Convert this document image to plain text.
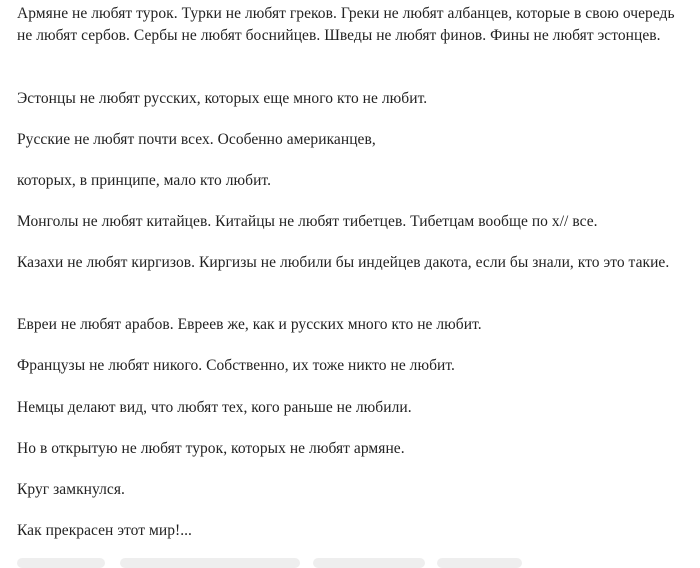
Армяне не любят турок. Турки не любят греков. Греки не любят албанцев, которые в свою очередь не любят сербов. Сербы не любят боснийцев. Шведы не любят финов. Фины не любят эстонцев.

Эстонцы не любят русских, которых еще много кто не любит.

Русские не любят почти всех. Особенно американцев,

которых, в принципе, мало кто любит.

Монголы не любят китайцев. Китайцы не любят тибетцев. Тибетцам вообще по х// все.

Казахи не любят киргизов. Киргизы не любили бы индейцев дакота, если бы знали, кто это такие.

Евреи не любят арабов. Евреев же, как и русских много кто не любит.

Французы не любят никого. Собственно, их тоже никто не любит.

Немцы делают вид, что любят тех, кого раньше не любили.

Но в открытую не любят турок, которых не любят армяне.

Круг замкнулся.

Как прекрасен этот мир!...
